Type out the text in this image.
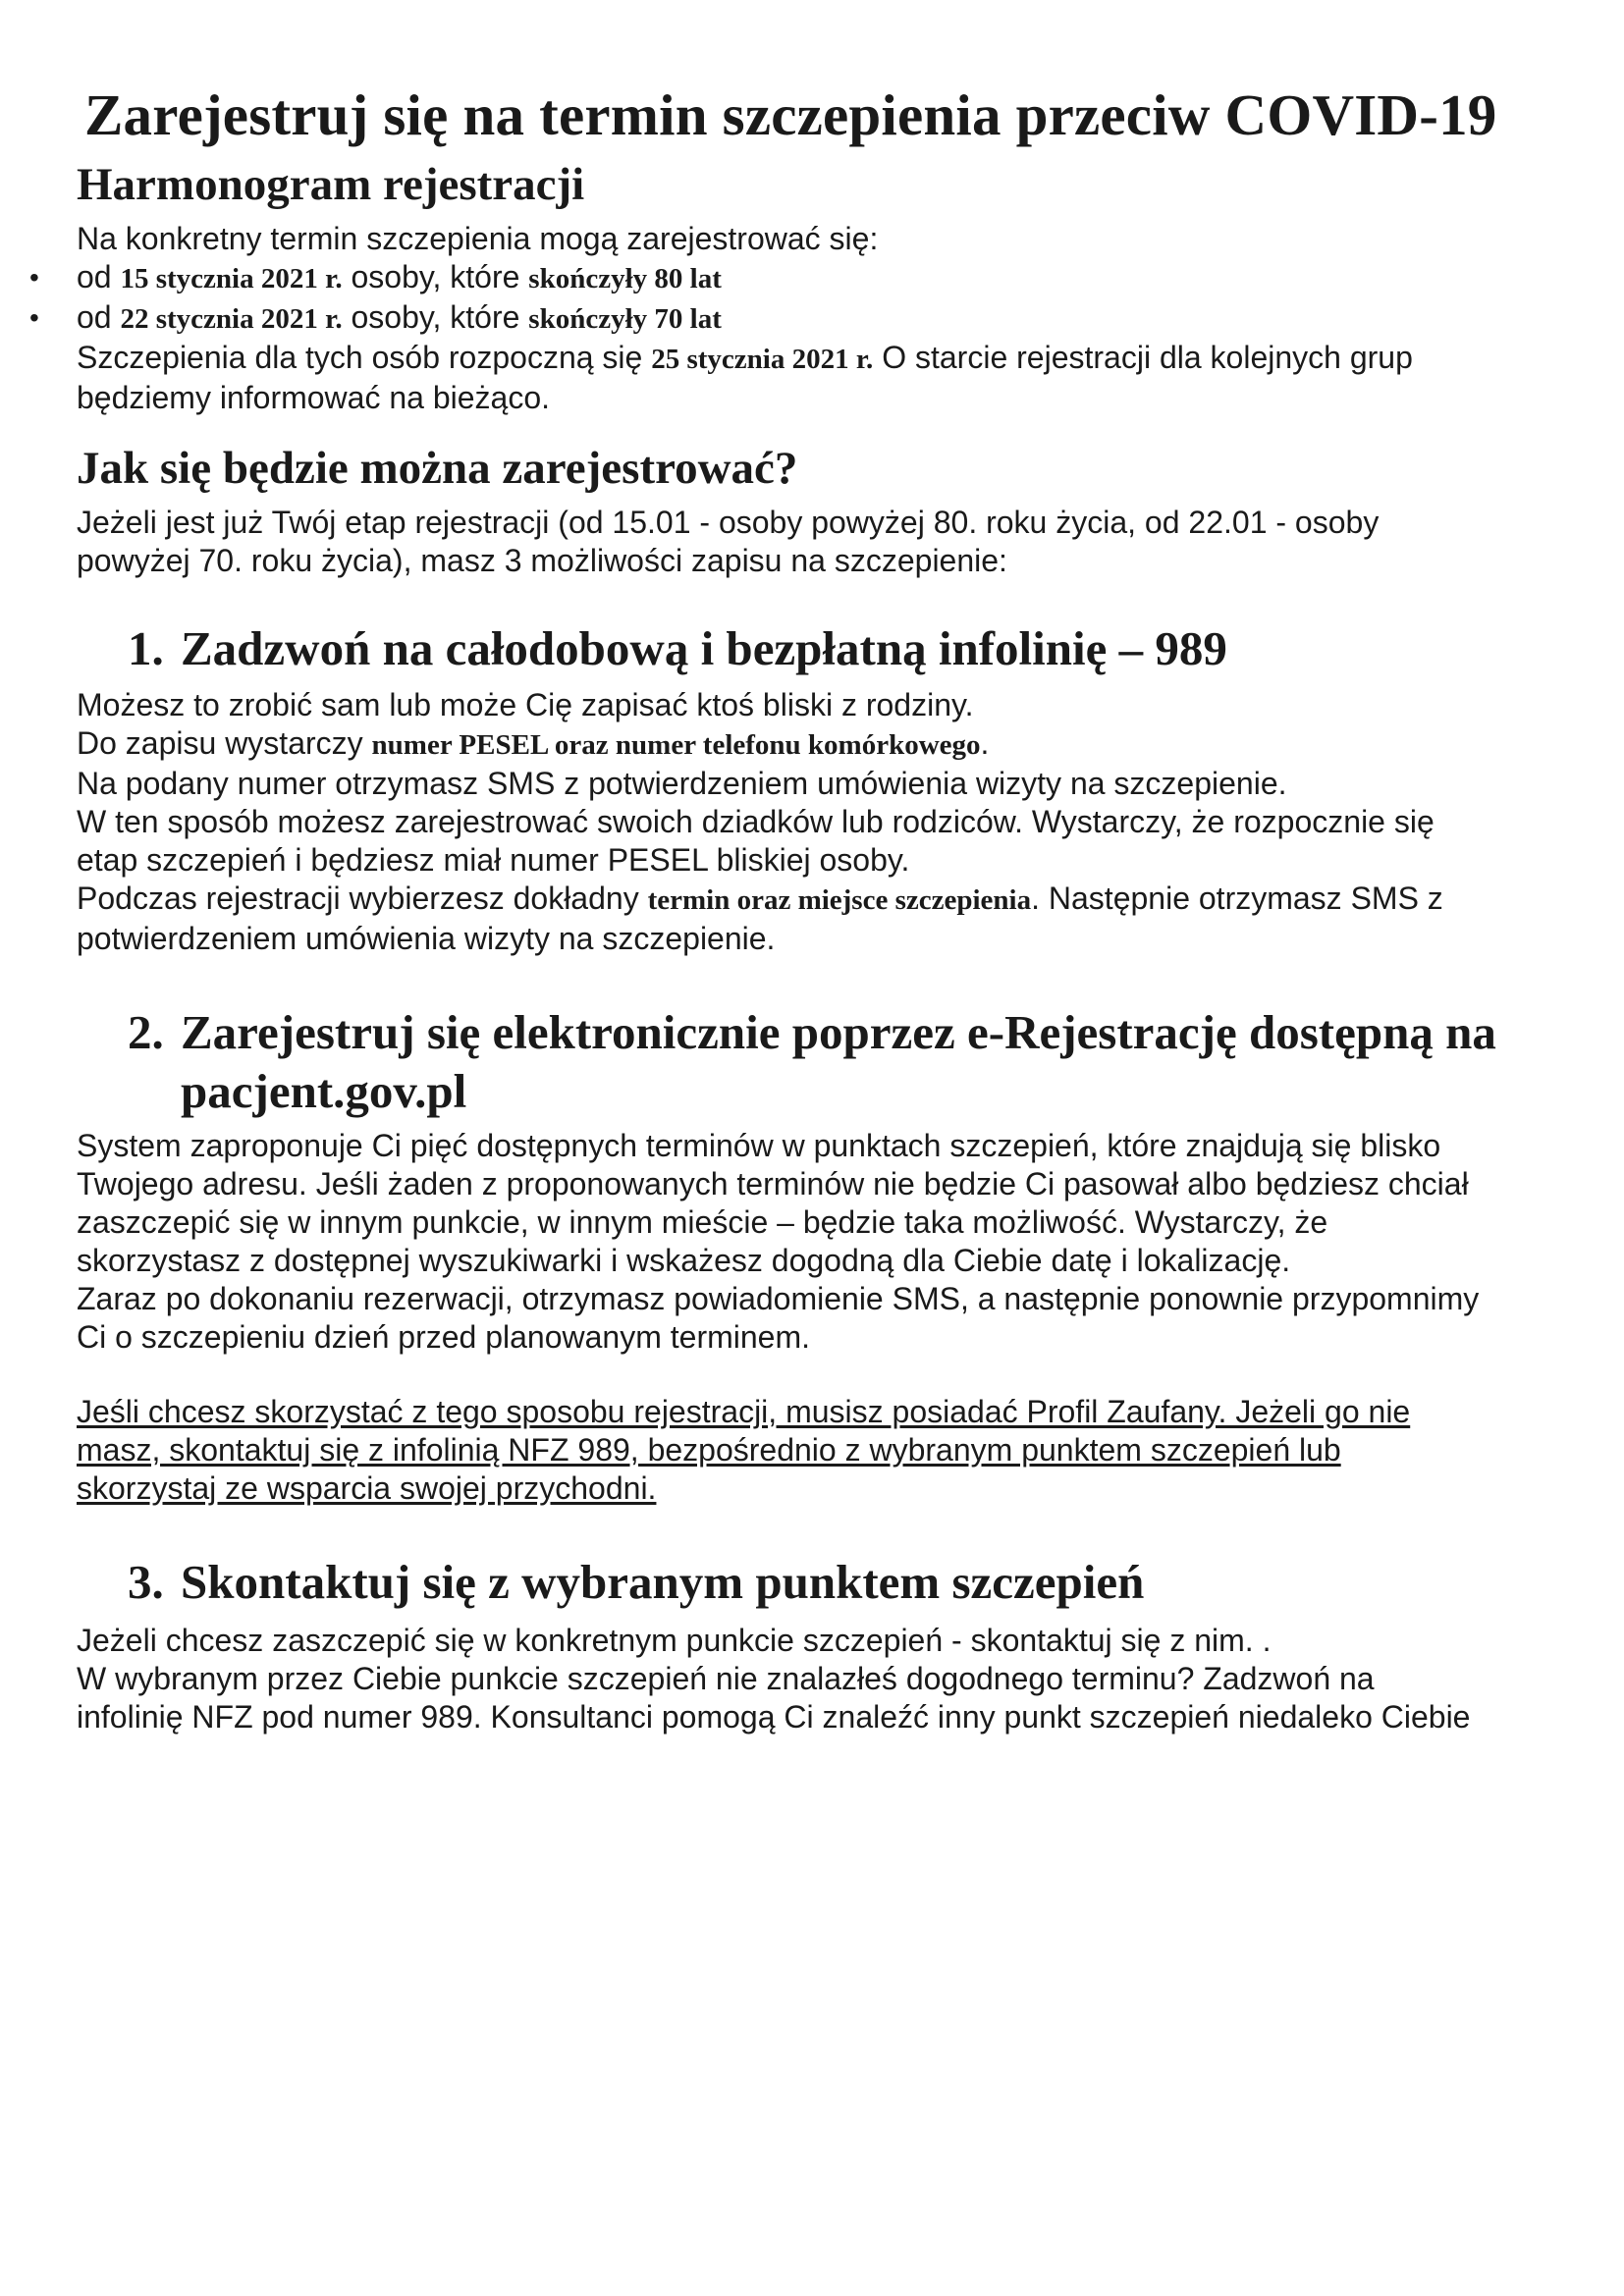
Zarejestruj się na termin szczepienia przeciw COVID-19
Harmonogram rejestracji

Na konkretny termin szczepienia mogą zarejestrować się:

• od 15 stycznia 2021 r. osoby, które skończyły 80 lat
• od 22 stycznia 2021 r. osoby, które skończyły 70 lat

Szczepienia dla tych osób rozpoczną się 25 stycznia 2021 r. O starcie rejestracji dla kolejnych grup

będziemy informować na bieżąco.

Jak się będzie można zarejestrować?

Jeżeli jest już Twój etap rejestracji (od 15.01 - osoby powyżej 80. roku życia, od 22.01 - osoby

powyżej 70. roku życia), masz 3 możliwości zapisu na szczepienie:

1. Zadzwoń na całodobową i bezpłatną infolinię – 989

Możesz to zrobić sam lub może Cię zapisać ktoś bliski z rodziny.

Do zapisu wystarczy numer PESEL oraz numer telefonu komórkowego.

Na podany numer otrzymasz SMS z potwierdzeniem umówienia wizyty na szczepienie.

W ten sposób możesz zarejestrować swoich dziadków lub rodziców. Wystarczy, że rozpocznie się

etap szczepień i będziesz miał numer PESEL bliskiej osoby.

Podczas rejestracji wybierzesz dokładny termin oraz miejsce szczepienia. Następnie otrzymasz SMS z

potwierdzeniem umówienia wizyty na szczepienie.

2. Zarejestruj się elektronicznie poprzez e-Rejestrację dostępną na
pacjent.gov.pl

System zaproponuje Ci pięć dostępnych terminów w punktach szczepień, które znajdują się blisko

Twojego adresu. Jeśli żaden z proponowanych terminów nie będzie Ci pasował albo będziesz chciał

zaszczepić się w innym punkcie, w innym mieście – będzie taka możliwość. Wystarczy, że

skorzystasz z dostępnej wyszukiwarki i wskażesz dogodną dla Ciebie datę i lokalizację.

Zaraz po dokonaniu rezerwacji, otrzymasz powiadomienie SMS, a następnie ponownie przypomnimy

Ci o szczepieniu dzień przed planowanym terminem.

Jeśli chcesz skorzystać z tego sposobu rejestracji, musisz posiadać Profil Zaufany. Jeżeli go nie

masz, skontaktuj się z infolinią NFZ 989, bezpośrednio z wybranym punktem szczepień lub

skorzystaj ze wsparcia swojej przychodni.

3. Skontaktuj się z wybranym punktem szczepień

Jeżeli chcesz zaszczepić się w konkretnym punkcie szczepień - skontaktuj się z nim. .

W wybranym przez Ciebie punkcie szczepień nie znalazłeś dogodnego terminu? Zadzwoń na

infolinię NFZ pod numer 989. Konsultanci pomogą Ci znaleźć inny punkt szczepień niedaleko Ciebie
